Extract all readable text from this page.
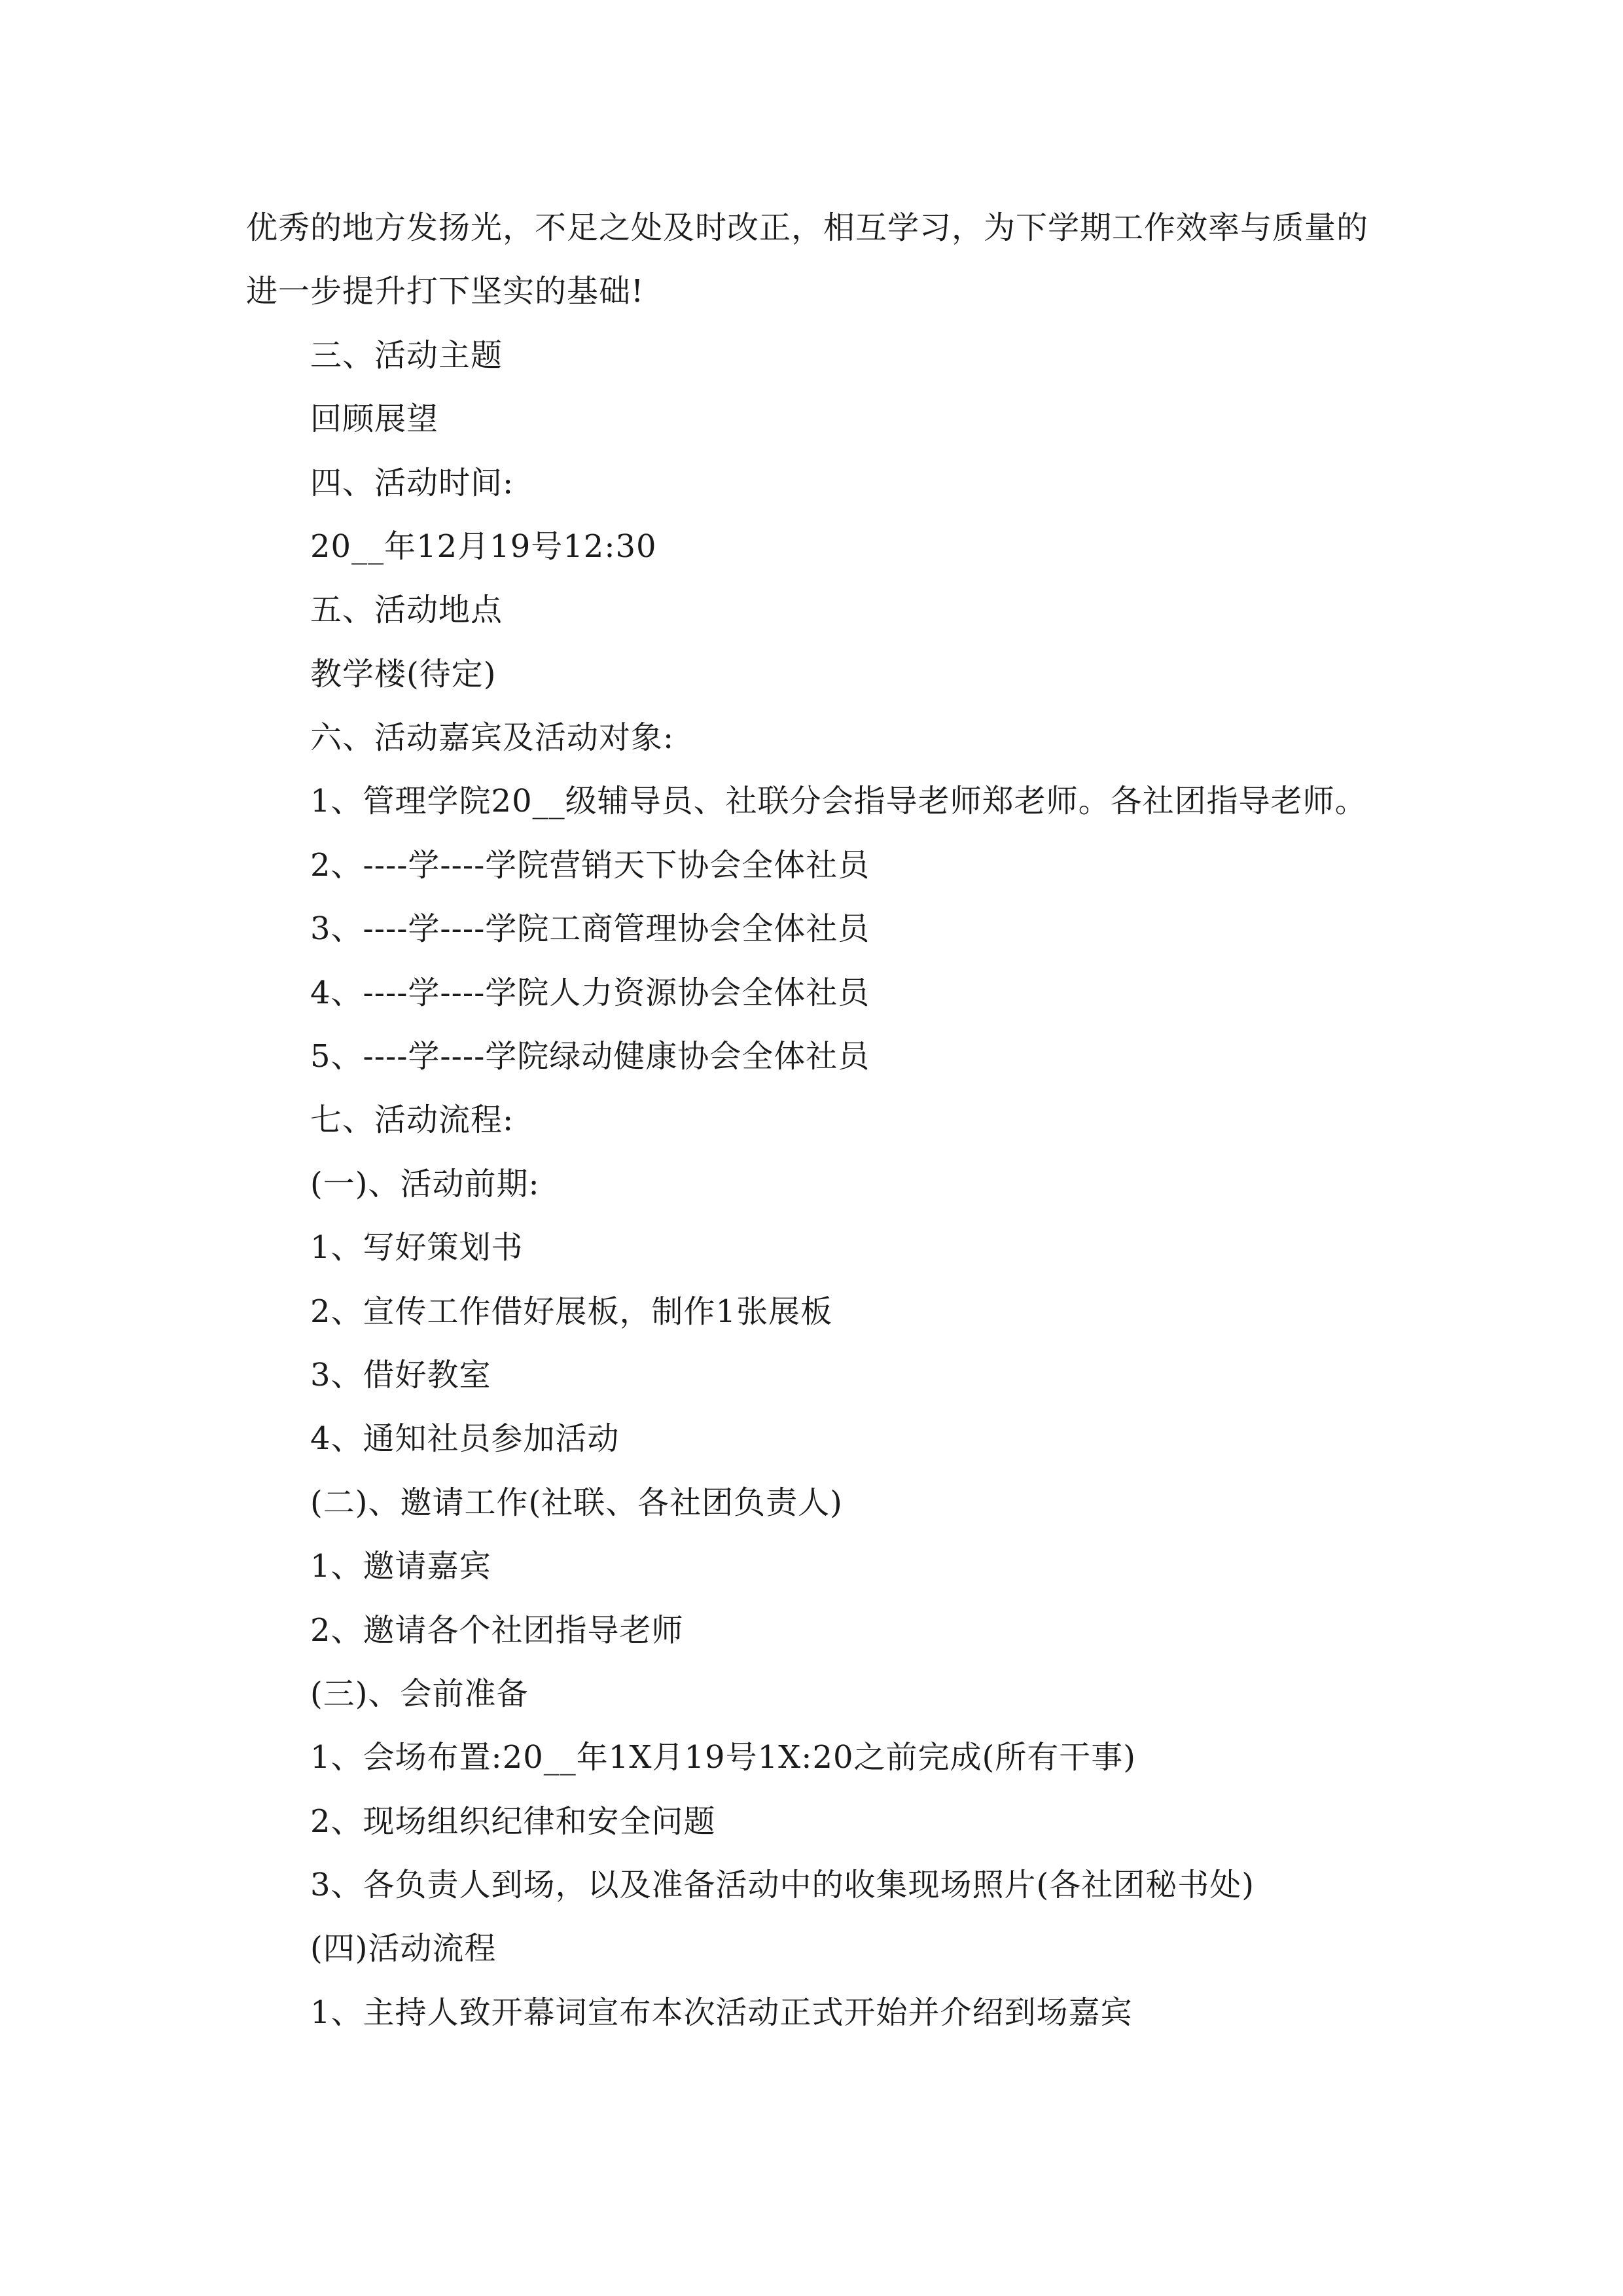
优秀的地方发扬光，不足之处及时改正，相互学习，为下学期工作效率与质量的
进一步提升打下坚实的基础!
三、活动主题
回顾展望
四、活动时间:
20__年12月19号12:30
五、活动地点
教学楼(待定)
六、活动嘉宾及活动对象:
1、管理学院20__级辅导员、社联分会指导老师郑老师。各社团指导老师。
2、----学----学院营销天下协会全体社员
3、----学----学院工商管理协会全体社员
4、----学----学院人力资源协会全体社员
5、----学----学院绿动健康协会全体社员
七、活动流程:
(一)、活动前期:
1、写好策划书
2、宣传工作借好展板，制作1张展板
3、借好教室
4、通知社员参加活动
(二)、邀请工作(社联、各社团负责人)
1、邀请嘉宾
2、邀请各个社团指导老师
(三)、会前准备
1、会场布置:20__年1X月19号1X:20之前完成(所有干事)
2、现场组织纪律和安全问题
3、各负责人到场，以及准备活动中的收集现场照片(各社团秘书处)
(四)活动流程
1、主持人致开幕词宣布本次活动正式开始并介绍到场嘉宾
